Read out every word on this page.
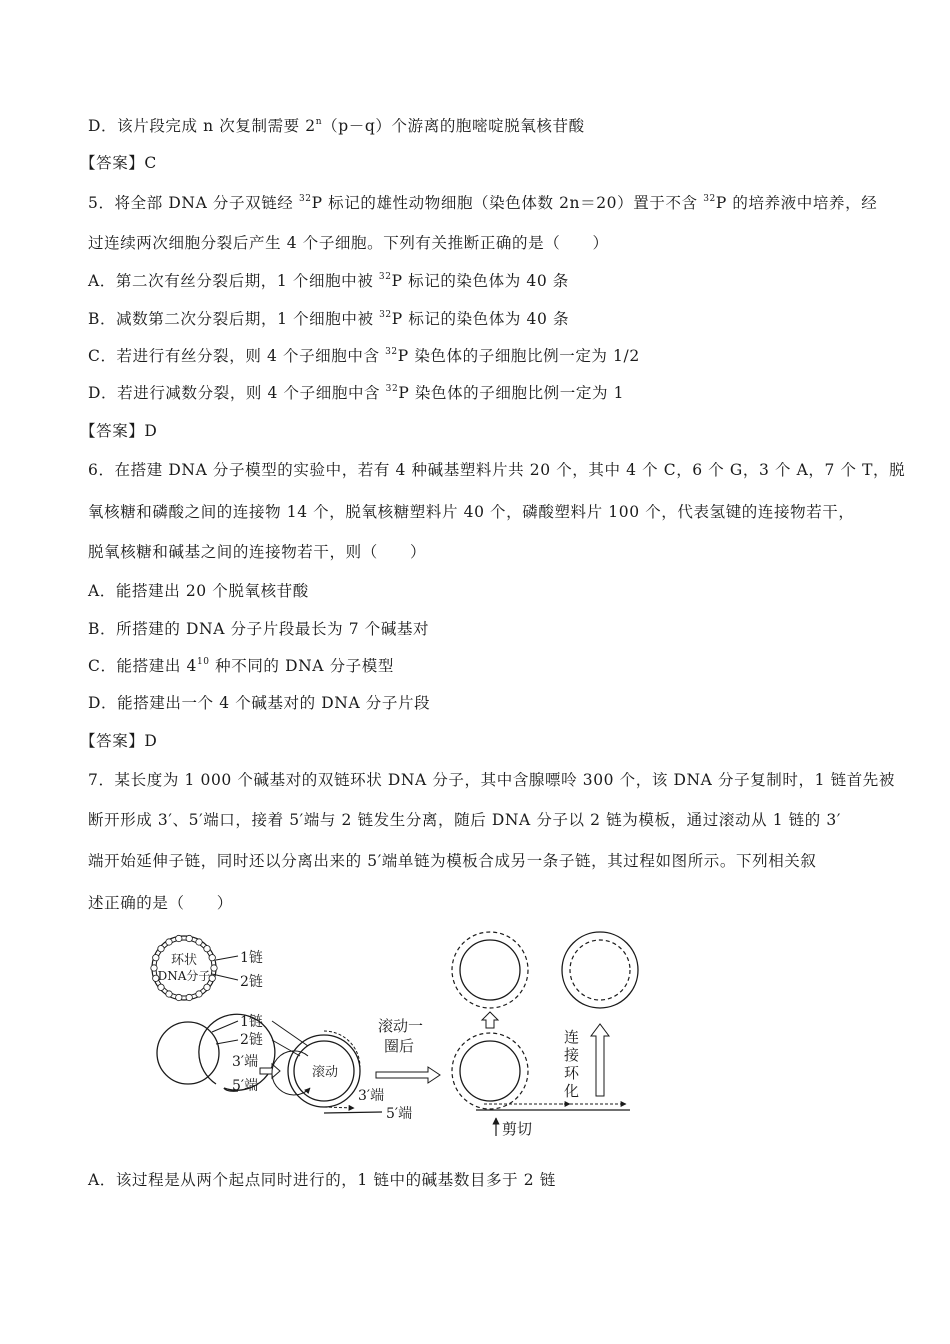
D．该片段完成 n 次复制需要 $2^n(p-q)$个游离的胞嘧啶脱氧核苷酸
【答案】C
5．将全部 DNA 分子双链经 $^{32}$P 标记的雄性动物细胞（染色体数 2n＝20）置于不含 $^{32}$P 的培养液中培养，经
过连续两次细胞分裂后产生 4 个子细胞。下列有关推断正确的是（　　）
A．第二次有丝分裂后期，1 个细胞中被 $^{32}$P 标记的染色体为 40 条
B．减数第二次分裂后期，1 个细胞中被 $^{32}$P 标记的染色体为 40 条
C．若进行有丝分裂，则 4 个子细胞中含 $^{32}$P 染色体的子细胞比例一定为 1/2
D．若进行减数分裂，则 4 个子细胞中含 $^{32}$P 染色体的子细胞比例一定为 1
【答案】D
6．在搭建 DNA 分子模型的实验中，若有 4 种碱基塑料片共 20 个，其中 4 个 C，6 个 G，3 个 A，7 个 T，脱
氧核糖和磷酸之间的连接物 14 个，脱氧核糖塑料片 40 个，磷酸塑料片 100 个，代表氢键的连接物若干，
脱氧核糖和碱基之间的连接物若干，则（　　）
A．能搭建出 20 个脱氧核苷酸
B．所搭建的 DNA 分子片段最长为 7 个碱基对
C．能搭建出 $4^{10}$ 种不同的 DNA 分子模型
D．能搭建出一个 4 个碱基对的 DNA 分子片段
【答案】D
7．某长度为 1 000 个碱基对的双链环状 DNA 分子，其中含腺嘌呤 300 个，该 DNA 分子复制时，1 链首先被
断开形成 3′、5′端口，接着 5′端与 2 链发生分离，随后 DNA 分子以 2 链为模板，通过滚动从 1 链的 3′
端开始延伸子链，同时还以分离出来的 5′端单链为模板合成另一条子链，其过程如图所示。下列相关叙
述正确的是（　　）
环状
DNA分子
1链
2链
1链
2链
3′端
5′端
滚动
3′端
5′端
滚动一
圈后
剪切
连
接
环
化
A．该过程是从两个起点同时进行的，1 链中的碱基数目多于 2 链
